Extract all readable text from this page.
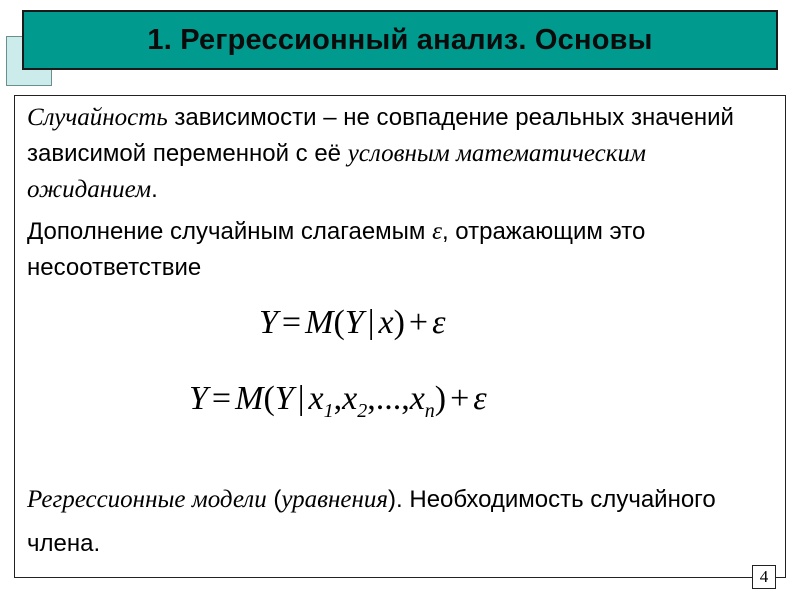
1. Регрессионный анализ. Основы

Случайность зависимости – не совпадение реальных значений зависимой переменной с её условным математическим ожиданием.

Дополнение случайным слагаемым ε, отражающим это несоответствие

Y = M(Y | x) + ε
Y = M(Y | $x_1,x_2,...,x_n) + \varepsilon$

Регрессионные модели (уравнения). Необходимость случайного члена.

4
